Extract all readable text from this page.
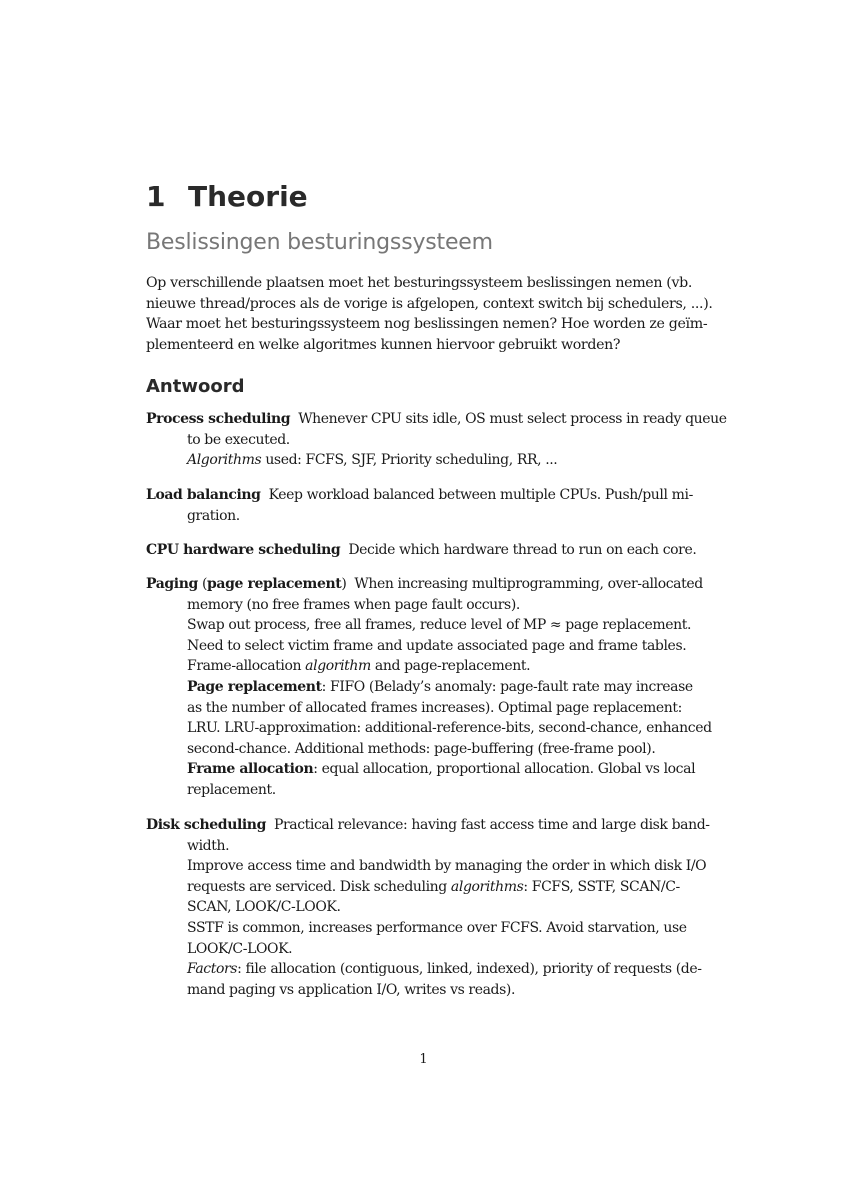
1 Theorie
Beslissingen besturingssysteem

Op verschillende plaatsen moet het besturingssysteem beslissingen nemen (vb.
nieuwe thread/proces als de vorige is afgelopen, context switch bij schedulers, ...).
Waar moet het besturingssysteem nog beslissingen nemen? Hoe worden ze geïm-
plementeerd en welke algoritmes kunnen hiervoor gebruikt worden?

Antwoord
Process scheduling Whenever CPU sits idle, OS must select process in ready queue
to be executed.
Algorithms used: FCFS, SJF, Priority scheduling, RR, ...
Load balancing Keep workload balanced between multiple CPUs. Push/pull mi-
gration.
CPU hardware scheduling Decide which hardware thread to run on each core.
Paging (page replacement) When increasing multiprogramming, over-allocated
memory (no free frames when page fault occurs).
Swap out process, free all frames, reduce level of MP ≈ page replacement.
Need to select victim frame and update associated page and frame tables.
Frame-allocation algorithm and page-replacement.
Page replacement: FIFO (Belady’s anomaly: page-fault rate may increase
as the number of allocated frames increases). Optimal page replacement:
LRU. LRU-approximation: additional-reference-bits, second-chance, enhanced
second-chance. Additional methods: page-buffering (free-frame pool).
Frame allocation: equal allocation, proportional allocation. Global vs local
replacement.
Disk scheduling Practical relevance: having fast access time and large disk band-
width.
Improve access time and bandwidth by managing the order in which disk I/O
requests are serviced. Disk scheduling algorithms: FCFS, SSTF, SCAN/C-
SCAN, LOOK/C-LOOK.
SSTF is common, increases performance over FCFS. Avoid starvation, use
LOOK/C-LOOK.
Factors: file allocation (contiguous, linked, indexed), priority of requests (de-
mand paging vs application I/O, writes vs reads).
1
